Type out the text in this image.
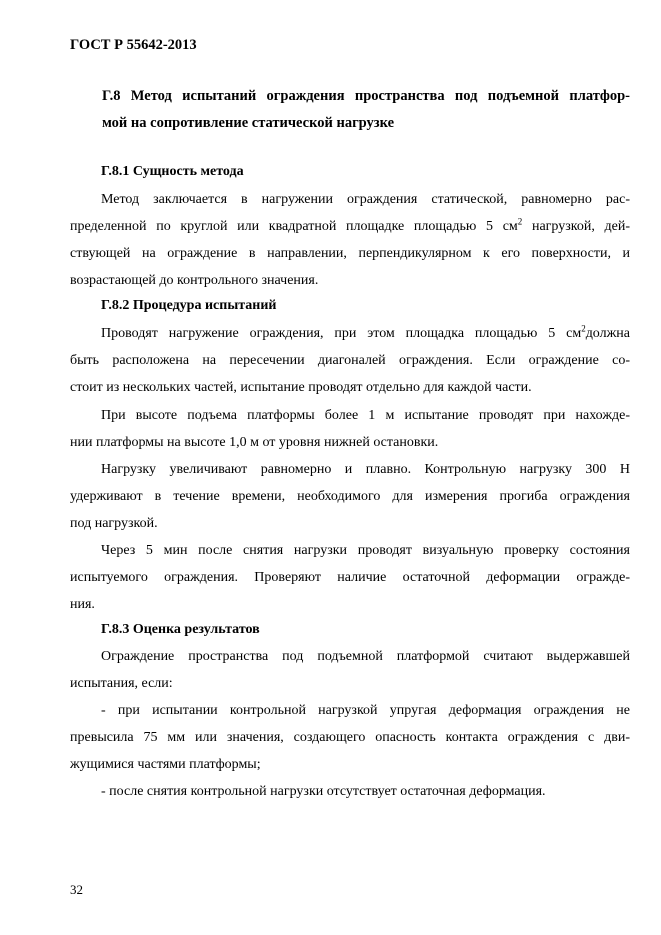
ГОСТ Р 55642-2013
Г.8 Метод испытаний ограждения пространства под подъемной платфор-
мой на сопротивление статической нагрузке
Г.8.1 Сущность метода
Метод заключается в нагружении ограждения статической, равномерно рас-
пределенной по круглой или квадратной площадке площадью 5 $см^2$ нагрузкой, дей-
ствующей на ограждение в направлении, перпендикулярном к его поверхности, и
возрастающей до контрольного значения.
Г.8.2 Процедура испытаний
Проводят нагружение ограждения, при этом площадка площадью 5 $см^2должна$
быть расположена на пересечении диагоналей ограждения. Если ограждение со-
стоит из нескольких частей, испытание проводят отдельно для каждой части.
При высоте подъема платформы более 1 м испытание проводят при нахожде-
нии платформы на высоте 1,0 м от уровня нижней остановки.
Нагрузку увеличивают равномерно и плавно. Контрольную нагрузку 300 Н
удерживают в течение времени, необходимого для измерения прогиба ограждения
под нагрузкой.
Через 5 мин после снятия нагрузки проводят визуальную проверку состояния
испытуемого ограждения. Проверяют наличие остаточной деформации огражде-
ния.
Г.8.3 Оценка результатов
Ограждение пространства под подъемной платформой считают выдержавшей
испытания, если:
- при испытании контрольной нагрузкой упругая деформация ограждения не
превысила 75 мм или значения, создающего опасность контакта ограждения с дви-
жущимися частями платформы;
- после снятия контрольной нагрузки отсутствует остаточная деформация.
32
